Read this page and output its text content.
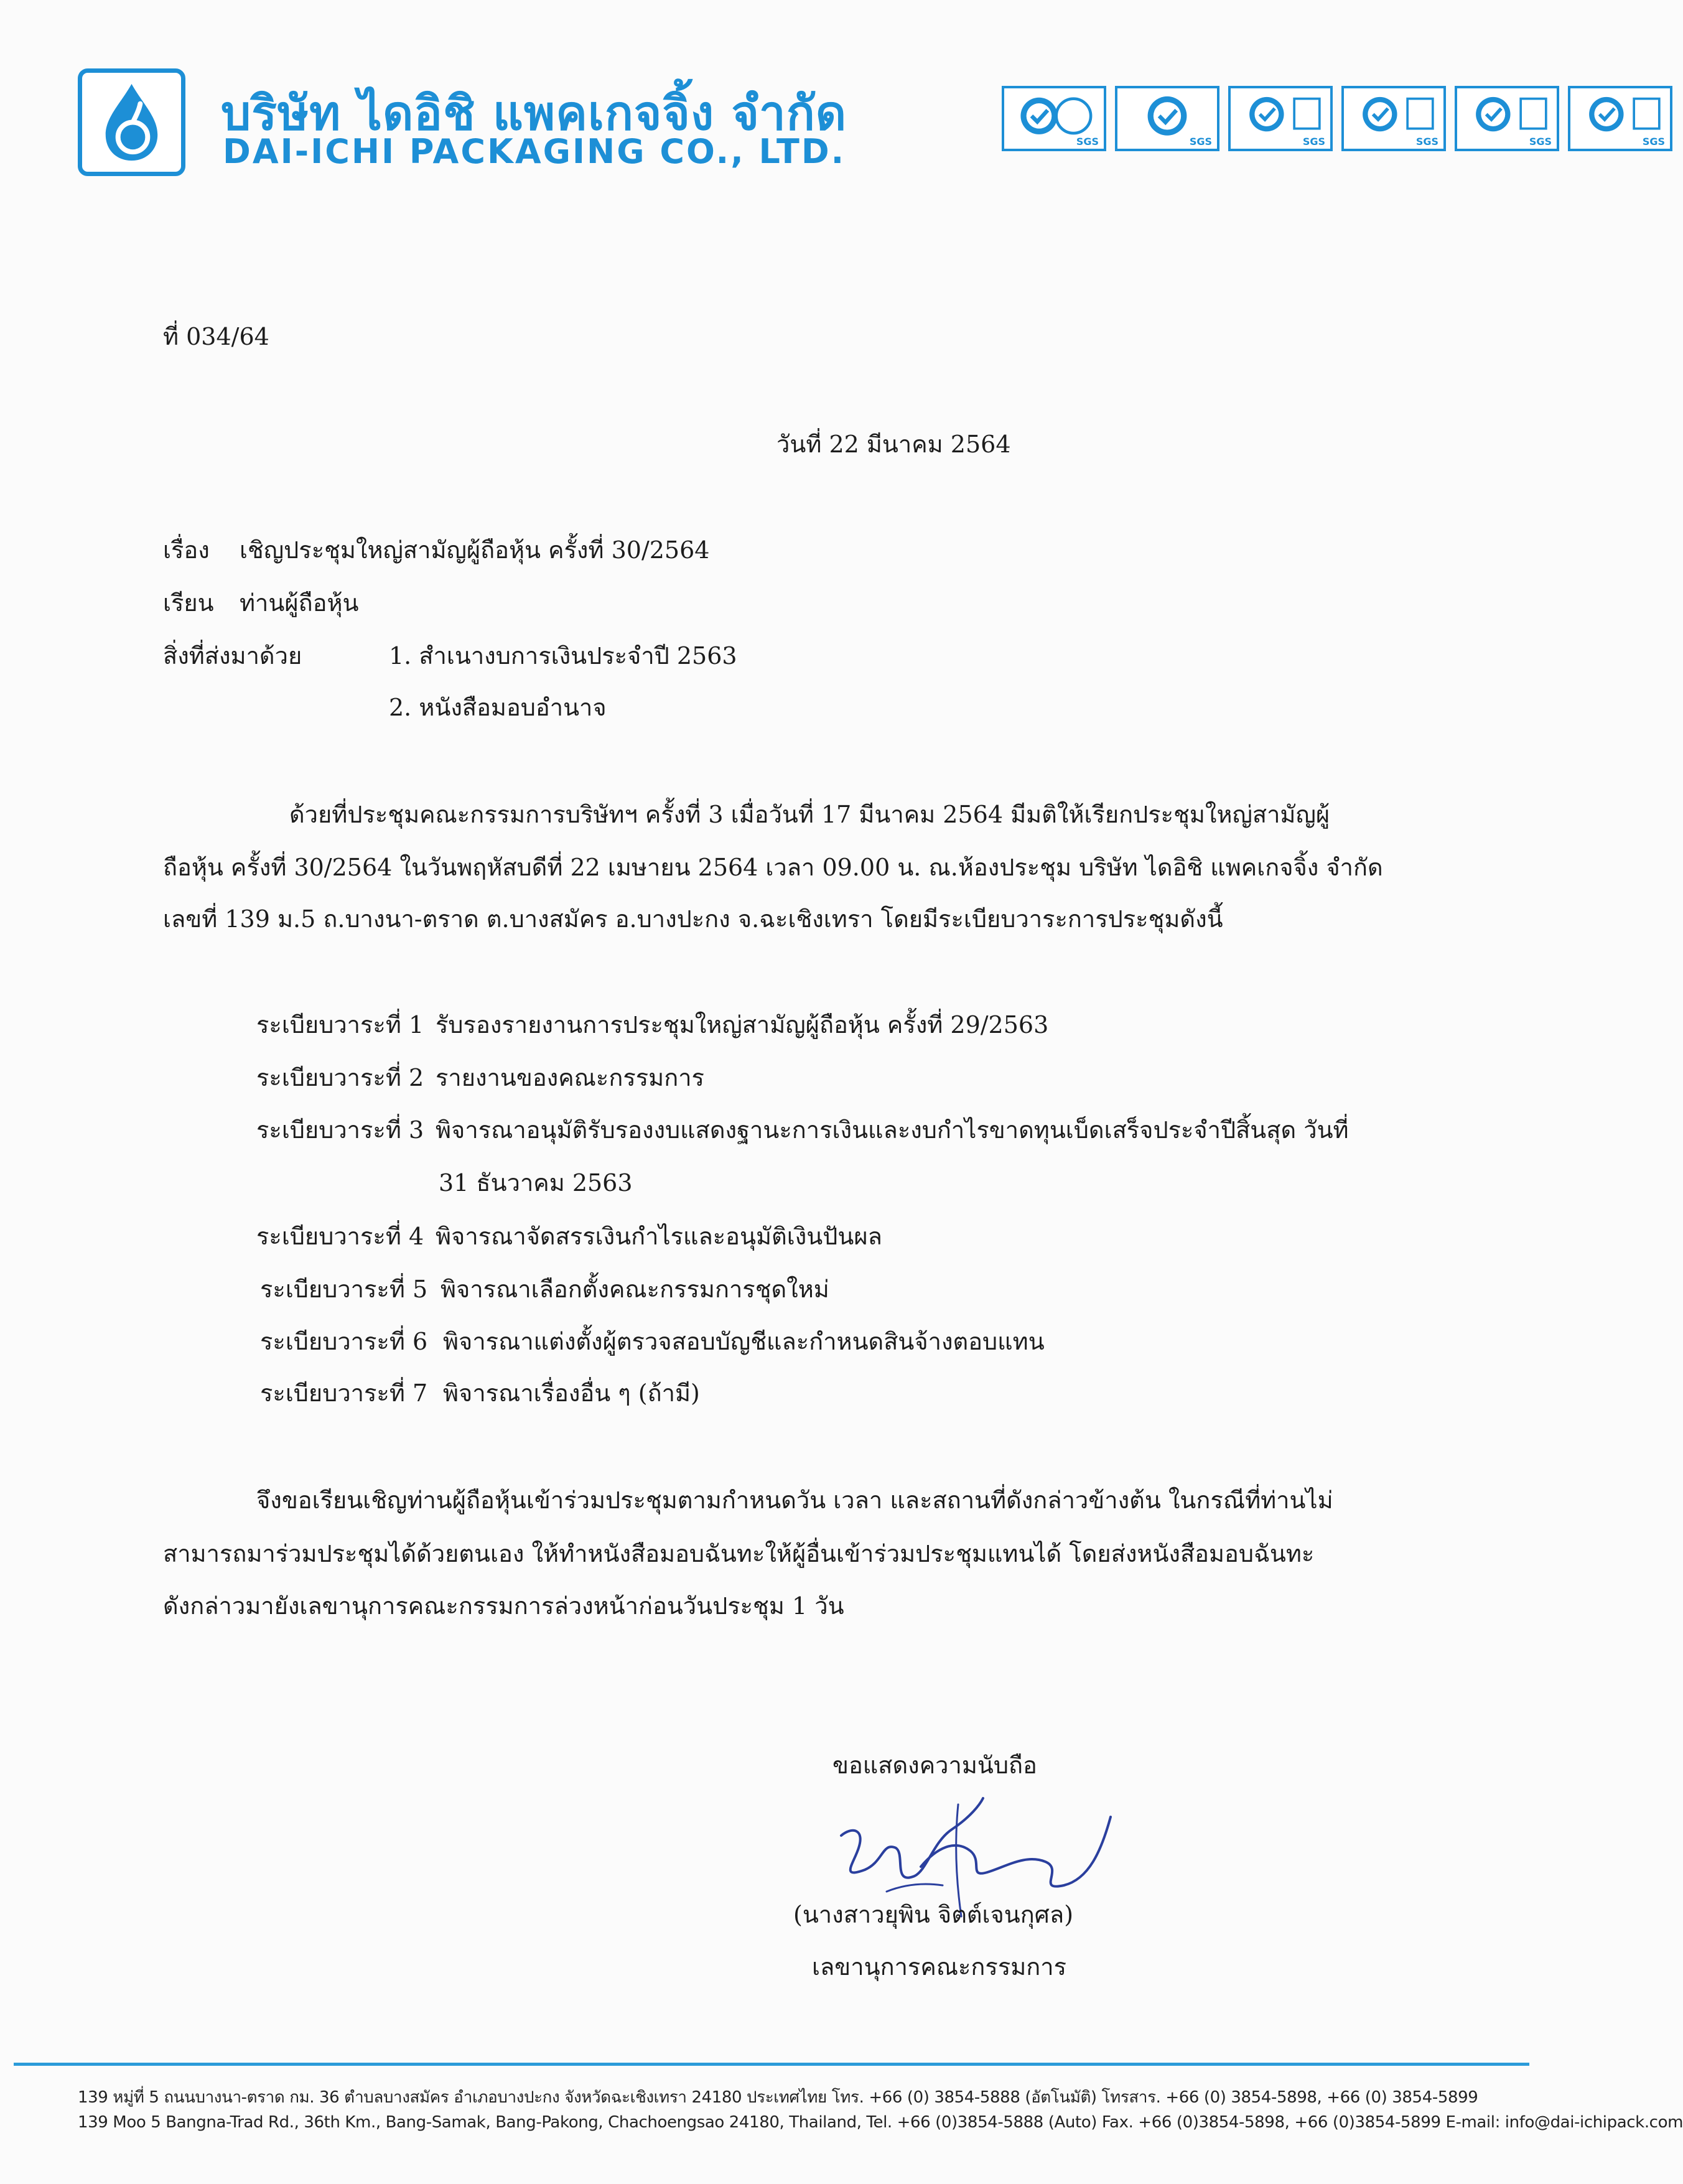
บริษัท ไดอิชิ แพคเกจจิ้ง จำกัด
DAI-ICHI PACKAGING CO., LTD.	SGS	SGS	SGS	SGS	SGS	SGS
ที่ 034/64
วันที่ 22 มีนาคม 2564
เรื่อง เชิญประชุมใหญ่สามัญผู้ถือหุ้น ครั้งที่ 30/2564
เรียน ท่านผู้ถือหุ้น
สิ่งที่ส่งมาด้วย	1. สำเนางบการเงินประจำปี 2563
2. หนังสือมอบอำนาจ
ด้วยที่ประชุมคณะกรรมการบริษัทฯ ครั้งที่ 3 เมื่อวันที่ 17 มีนาคม 2564 มีมติให้เรียกประชุมใหญ่สามัญผู้
ถือหุ้น ครั้งที่ 30/2564 ในวันพฤหัสบดีที่ 22 เมษายน 2564 เวลา 09.00 น. ณ.ห้องประชุม บริษัท ไดอิชิ แพคเกจจิ้ง จำกัด
เลขที่ 139 ม.5 ถ.บางนา-ตราด ต.บางสมัคร อ.บางปะกง จ.ฉะเชิงเทรา โดยมีระเบียบวาระการประชุมดังนี้
ระเบียบวาระที่ 1 รับรองรายงานการประชุมใหญ่สามัญผู้ถือหุ้น ครั้งที่ 29/2563
ระเบียบวาระที่ 2 รายงานของคณะกรรมการ
ระเบียบวาระที่ 3 พิจารณาอนุมัติรับรองงบแสดงฐานะการเงินและงบกำไรขาดทุนเบ็ดเสร็จประจำปีสิ้นสุด วันที่
31 ธันวาคม 2563
ระเบียบวาระที่ 4 พิจารณาจัดสรรเงินกำไรและอนุมัติเงินปันผล
ระเบียบวาระที่ 5 พิจารณาเลือกตั้งคณะกรรมการชุดใหม่
ระเบียบวาระที่ 6 พิจารณาแต่งตั้งผู้ตรวจสอบบัญชีและกำหนดสินจ้างตอบแทน
ระเบียบวาระที่ 7 พิจารณาเรื่องอื่น ๆ (ถ้ามี)
จึงขอเรียนเชิญท่านผู้ถือหุ้นเข้าร่วมประชุมตามกำหนดวัน เวลา และสถานที่ดังกล่าวข้างต้น ในกรณีที่ท่านไม่
สามารถมาร่วมประชุมได้ด้วยตนเอง ให้ทำหนังสือมอบฉันทะให้ผู้อื่นเข้าร่วมประชุมแทนได้ โดยส่งหนังสือมอบฉันทะ
ดังกล่าวมายังเลขานุการคณะกรรมการล่วงหน้าก่อนวันประชุม 1 วัน
ขอแสดงความนับถือ
(นางสาวยุพิน จิตต์เจนกุศล)
เลขานุการคณะกรรมการ
139 หมู่ที่ 5 ถนนบางนา-ตราด กม. 36 ตำบลบางสมัคร อำเภอบางปะกง จังหวัดฉะเชิงเทรา 24180 ประเทศไทย โทร. +66 (0) 3854-5888 (อัตโนมัติ) โทรสาร. +66 (0) 3854-5898, +66 (0) 3854-5899
139 Moo 5 Bangna-Trad Rd., 36th Km., Bang-Samak, Bang-Pakong, Chachoengsao 24180, Thailand, Tel. +66 (0)3854-5888 (Auto) Fax. +66 (0)3854-5898, +66 (0)3854-5899 E-mail: info@dai-ichipack.com
